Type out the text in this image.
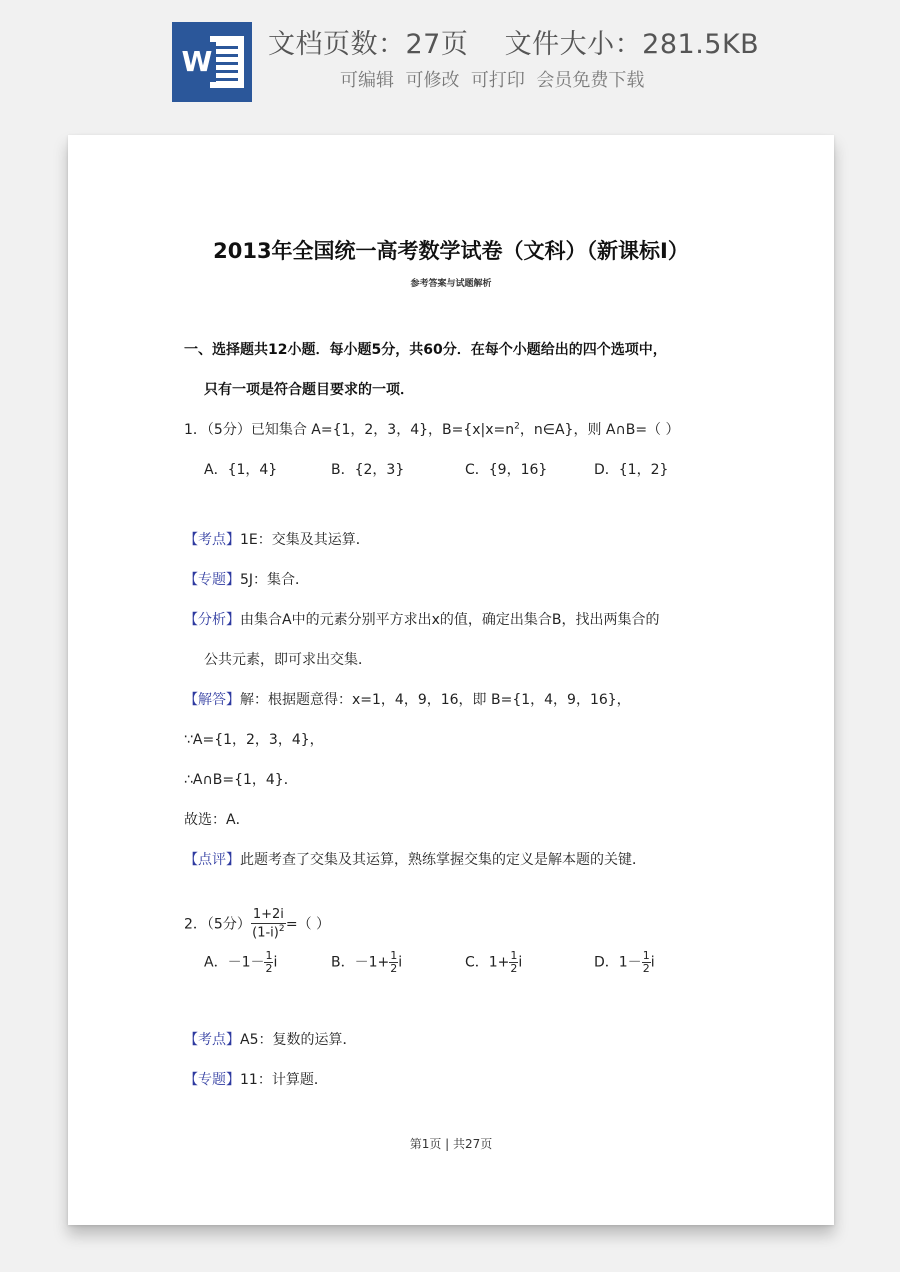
W
文档页数：27页    文件大小：281.5KB
可编辑  可修改  可打印  会员免费下载
2013年全国统一高考数学试卷（文科）（新课标Ⅰ）
参考答案与试题解析
一、选择题共12小题．每小题5分，共60分．在每个小题给出的四个选项中，
只有一项是符合题目要求的一项．
1．（5分）已知集合 A={1，2，3，4}，$B=\{x|x=n^2$，n∈A}，则 A∩B=（ ）
A．{1，4}	B．{2，3}	C．{9，16}	D．{1，2}
【考点】1E：交集及其运算．
【专题】5J：集合．
【分析】由集合A中的元素分别平方求出x的值，确定出集合B，找出两集合的
公共元素，即可求出交集．
【解答】解：根据题意得：x=1，4，9，16，即 B={1，4，9，16}，
∵A={1，2，3，4}，
∴A∩B={1，4}．
故选：A．
【点评】此题考查了交集及其运算，熟练掌握交集的定义是解本题的关键．
2．（5分） $\frac{1+2i}{(1-i)^2}$ =（ ）
A．$-1- \frac{1}{2}$ i	B．$-1+ \frac{1}{2}$ i	C．$1+ \frac{1}{2}$ i	D．$1- \frac{1}{2}$ i
【考点】A5：复数的运算．
【专题】11：计算题．
第1页 | 共27页
